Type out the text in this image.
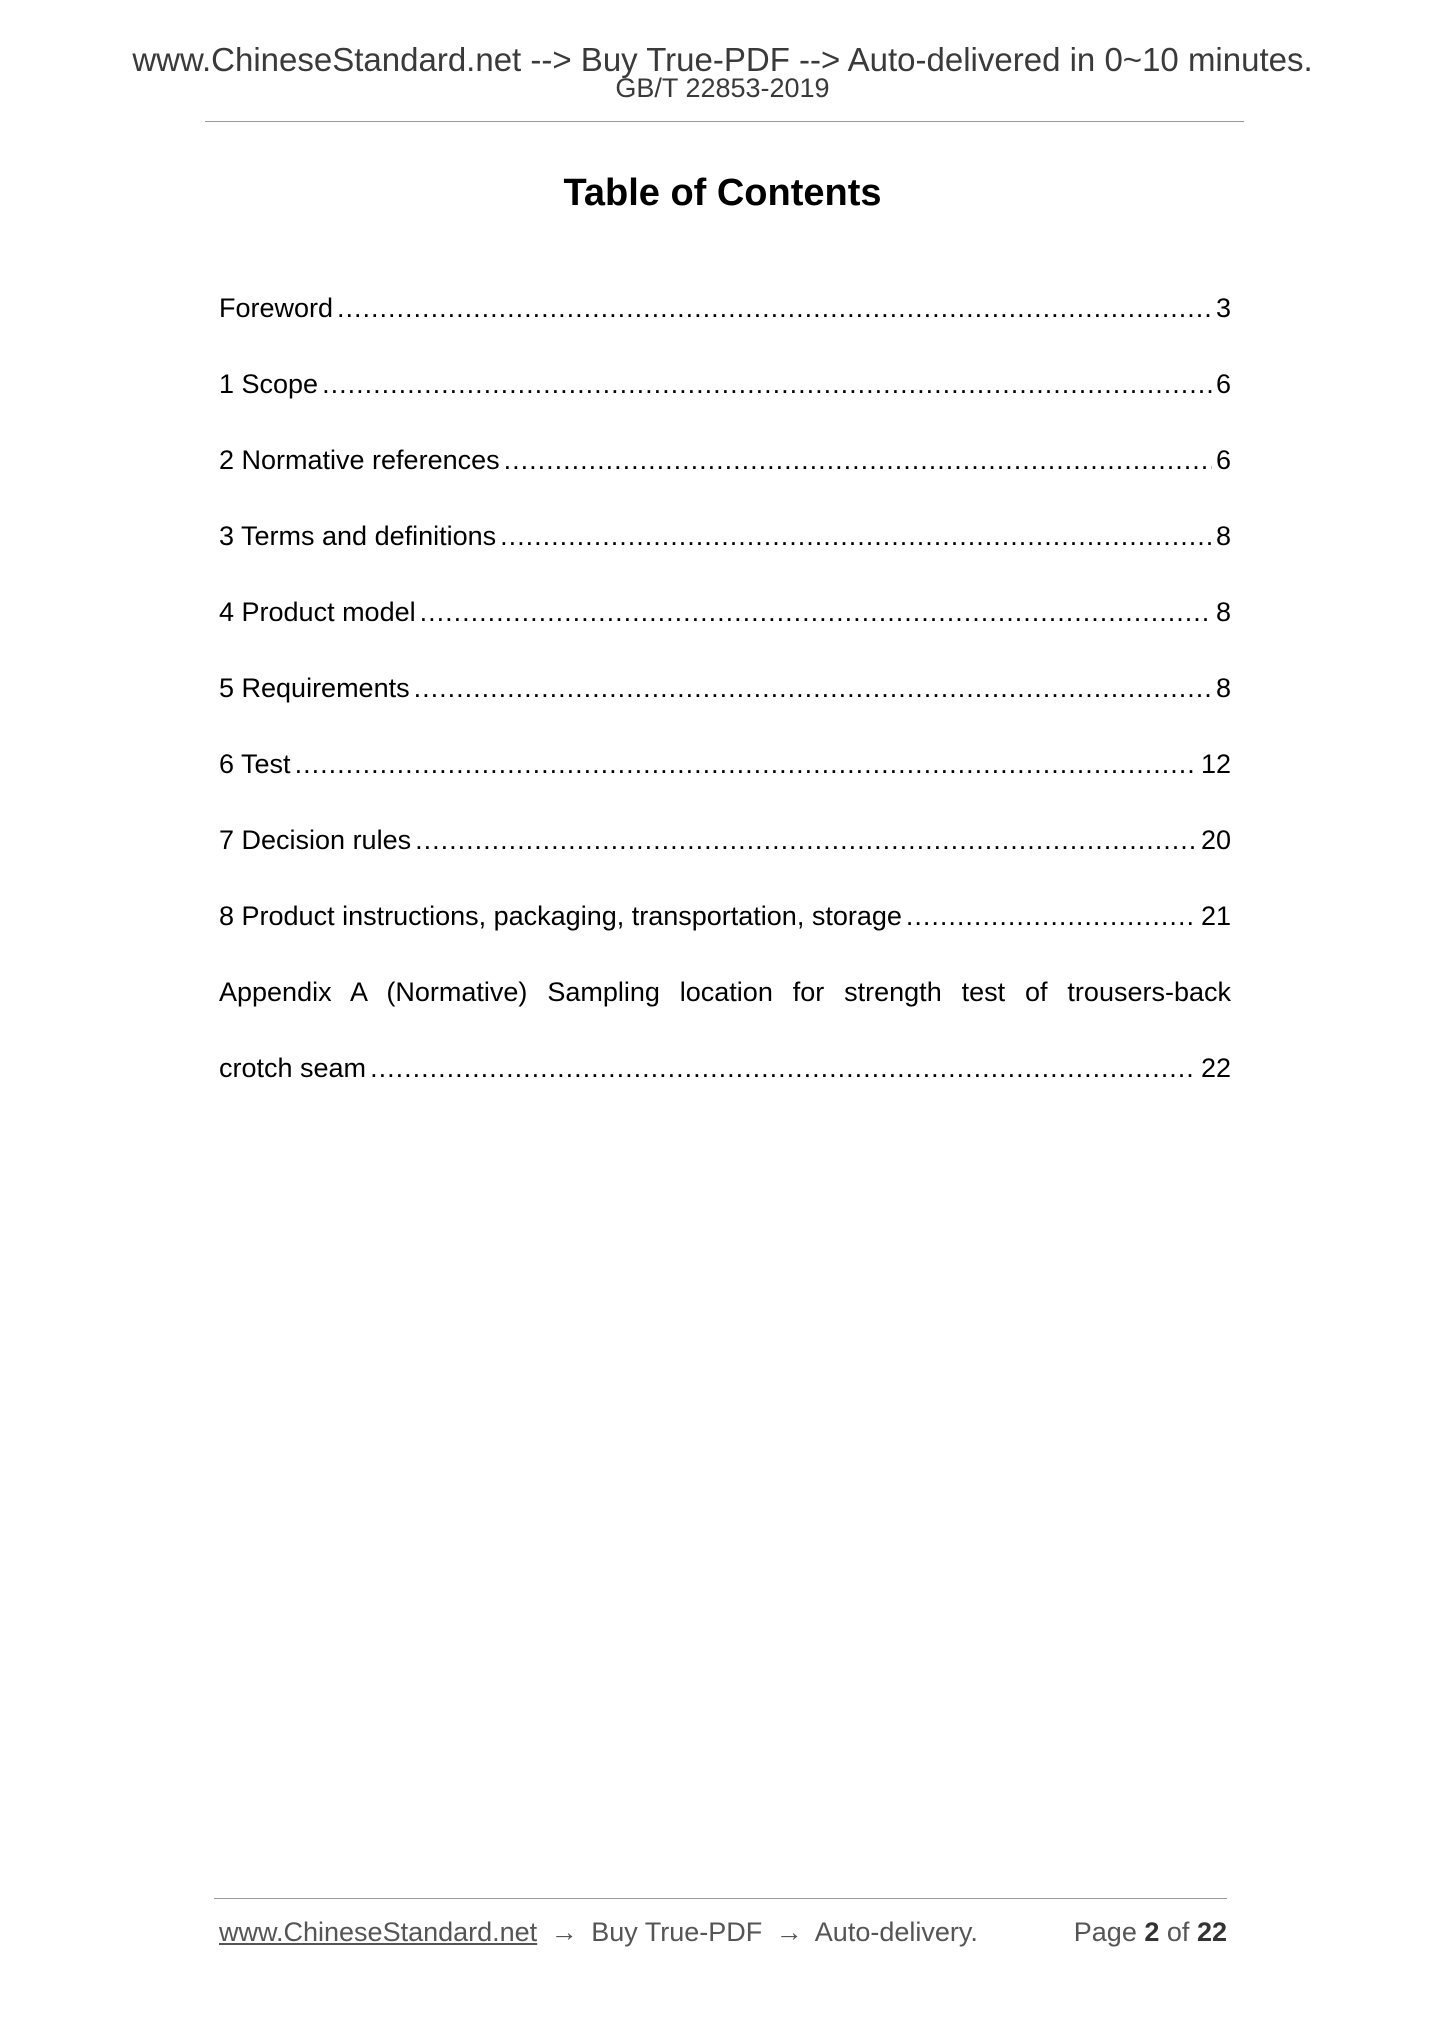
www.ChineseStandard.net --> Buy True-PDF --> Auto-delivered in 0~10 minutes.
GB/T 22853-2019
Table of Contents
Foreword .....	3
1 Scope .....	6
2 Normative references .....	6
3 Terms and definitions .....	8
4 Product model .....	8
5 Requirements .....	8
6 Test .....	12
7 Decision rules .....	20
8 Product instructions, packaging, transportation, storage .....	21
Appendix A (Normative) Sampling location for strength test of trousers-back
crotch seam .....	22
www.ChineseStandard.net → Buy True-PDF → Auto-delivery.	Page 2 of 22
